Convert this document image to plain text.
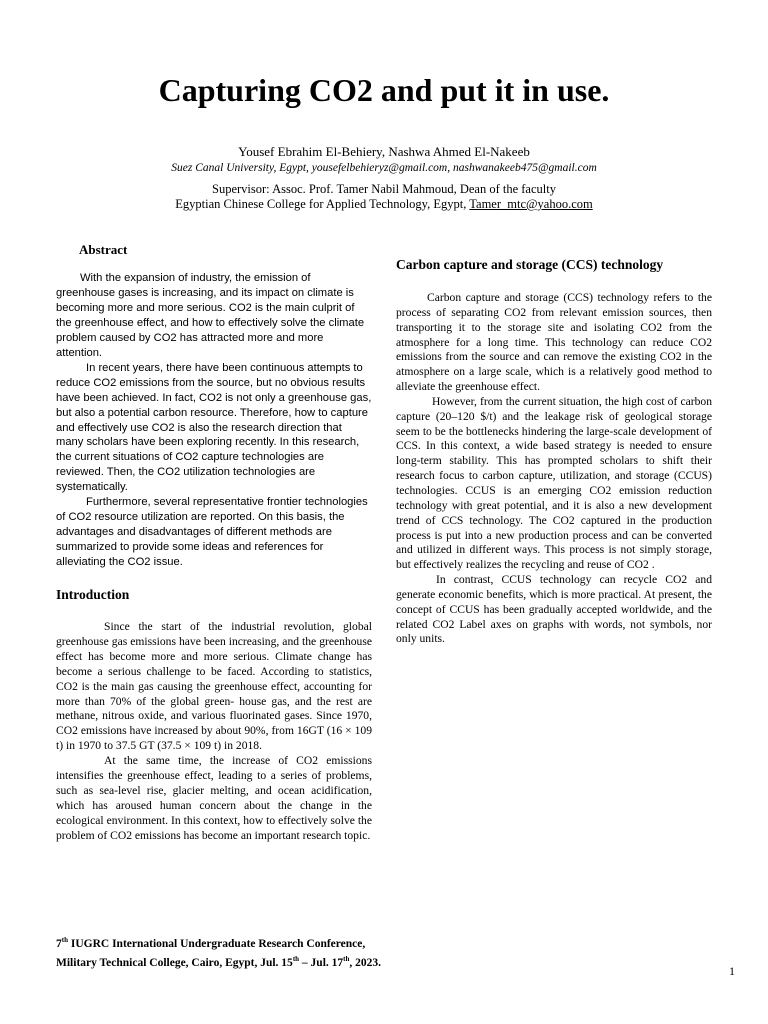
Capturing CO2 and put it in use.
Yousef Ebrahim El-Behiery, Nashwa Ahmed El-Nakeeb
Suez Canal University, Egypt, yousefelbehieryz@gmail.com, nashwanakeeb475@gmail.com
Supervisor: Assoc. Prof. Tamer Nabil Mahmoud, Dean of the faculty
Egyptian Chinese College for Applied Technology, Egypt, Tamer_mtc@yahoo.com
Abstract

With the expansion of industry, the emission of greenhouse gases is increasing, and its impact on climate is becoming more and more serious. CO2 is the main culprit of the greenhouse effect, and how to effectively solve the climate problem caused by CO2 has attracted more and more attention.

In recent years, there have been continuous attempts to reduce CO2 emissions from the source, but no obvious results have been achieved. In fact, CO2 is not only a greenhouse gas, but also a potential carbon resource. Therefore, how to capture and effectively use CO2 is also the research direction that many scholars have been exploring recently. In this research, the current situations of CO2 capture technologies are reviewed. Then, the CO2 utilization technologies are systematically.

Furthermore, several representative frontier technologies of CO2 resource utilization are reported. On this basis, the advantages and disadvantages of different methods are summarized to provide some ideas and references for alleviating the CO2 issue.

Introduction

Since the start of the industrial revolution, global greenhouse gas emissions have been increasing, and the greenhouse effect has become more and more serious. Climate change has become a serious challenge to be faced. According to statistics, CO2 is the main gas causing the greenhouse effect, accounting for more than 70% of the global green- house gas, and the rest are methane, nitrous oxide, and various fluorinated gases. Since 1970, CO2 emissions have increased by about 90%, from 16GT (16 × 109 t) in 1970 to 37.5 GT (37.5 × 109 t) in 2018.

At the same time, the increase of CO2 emissions intensifies the greenhouse effect, leading to a series of problems, such as sea-level rise, glacier melting, and ocean acidification, which has aroused human concern about the change in the ecological environment. In this context, how to effectively solve the problem of CO2 emissions has become an important research topic.

Carbon capture and storage (CCS) technology

Carbon capture and storage (CCS) technology refers to the process of separating CO2 from relevant emission sources, then transporting it to the storage site and isolating CO2 from the atmosphere for a long time. This technology can reduce CO2 emissions from the source and can remove the existing CO2 in the atmosphere on a large scale, which is a relatively good method to alleviate the greenhouse effect.

However, from the current situation, the high cost of carbon capture (20–120 $/t) and the leakage risk of geological storage seem to be the bottlenecks hindering the large-scale development of CCS. In this context, a wide based strategy is needed to ensure long-term stability. This has prompted scholars to shift their research focus to carbon capture, utilization, and storage (CCUS) technologies. CCUS is an emerging CO2 emission reduction technology with great potential, and it is also a new development trend of CCS technology. The CO2 captured in the production process is put into a new production process and can be converted and utilized in different ways. This process is not simply storage, but effectively realizes the recycling and reuse of CO2 .

In contrast, CCUS technology can recycle CO2 and generate economic benefits, which is more practical. At present, the concept of CCUS has been gradually accepted worldwide, and the related CO2 Label axes on graphs with words, not symbols, nor only units.

7th IUGRC International Undergraduate Research Conference,
Military Technical College, Cairo, Egypt, Jul. 15th – Jul. 17th, 2023.
1
